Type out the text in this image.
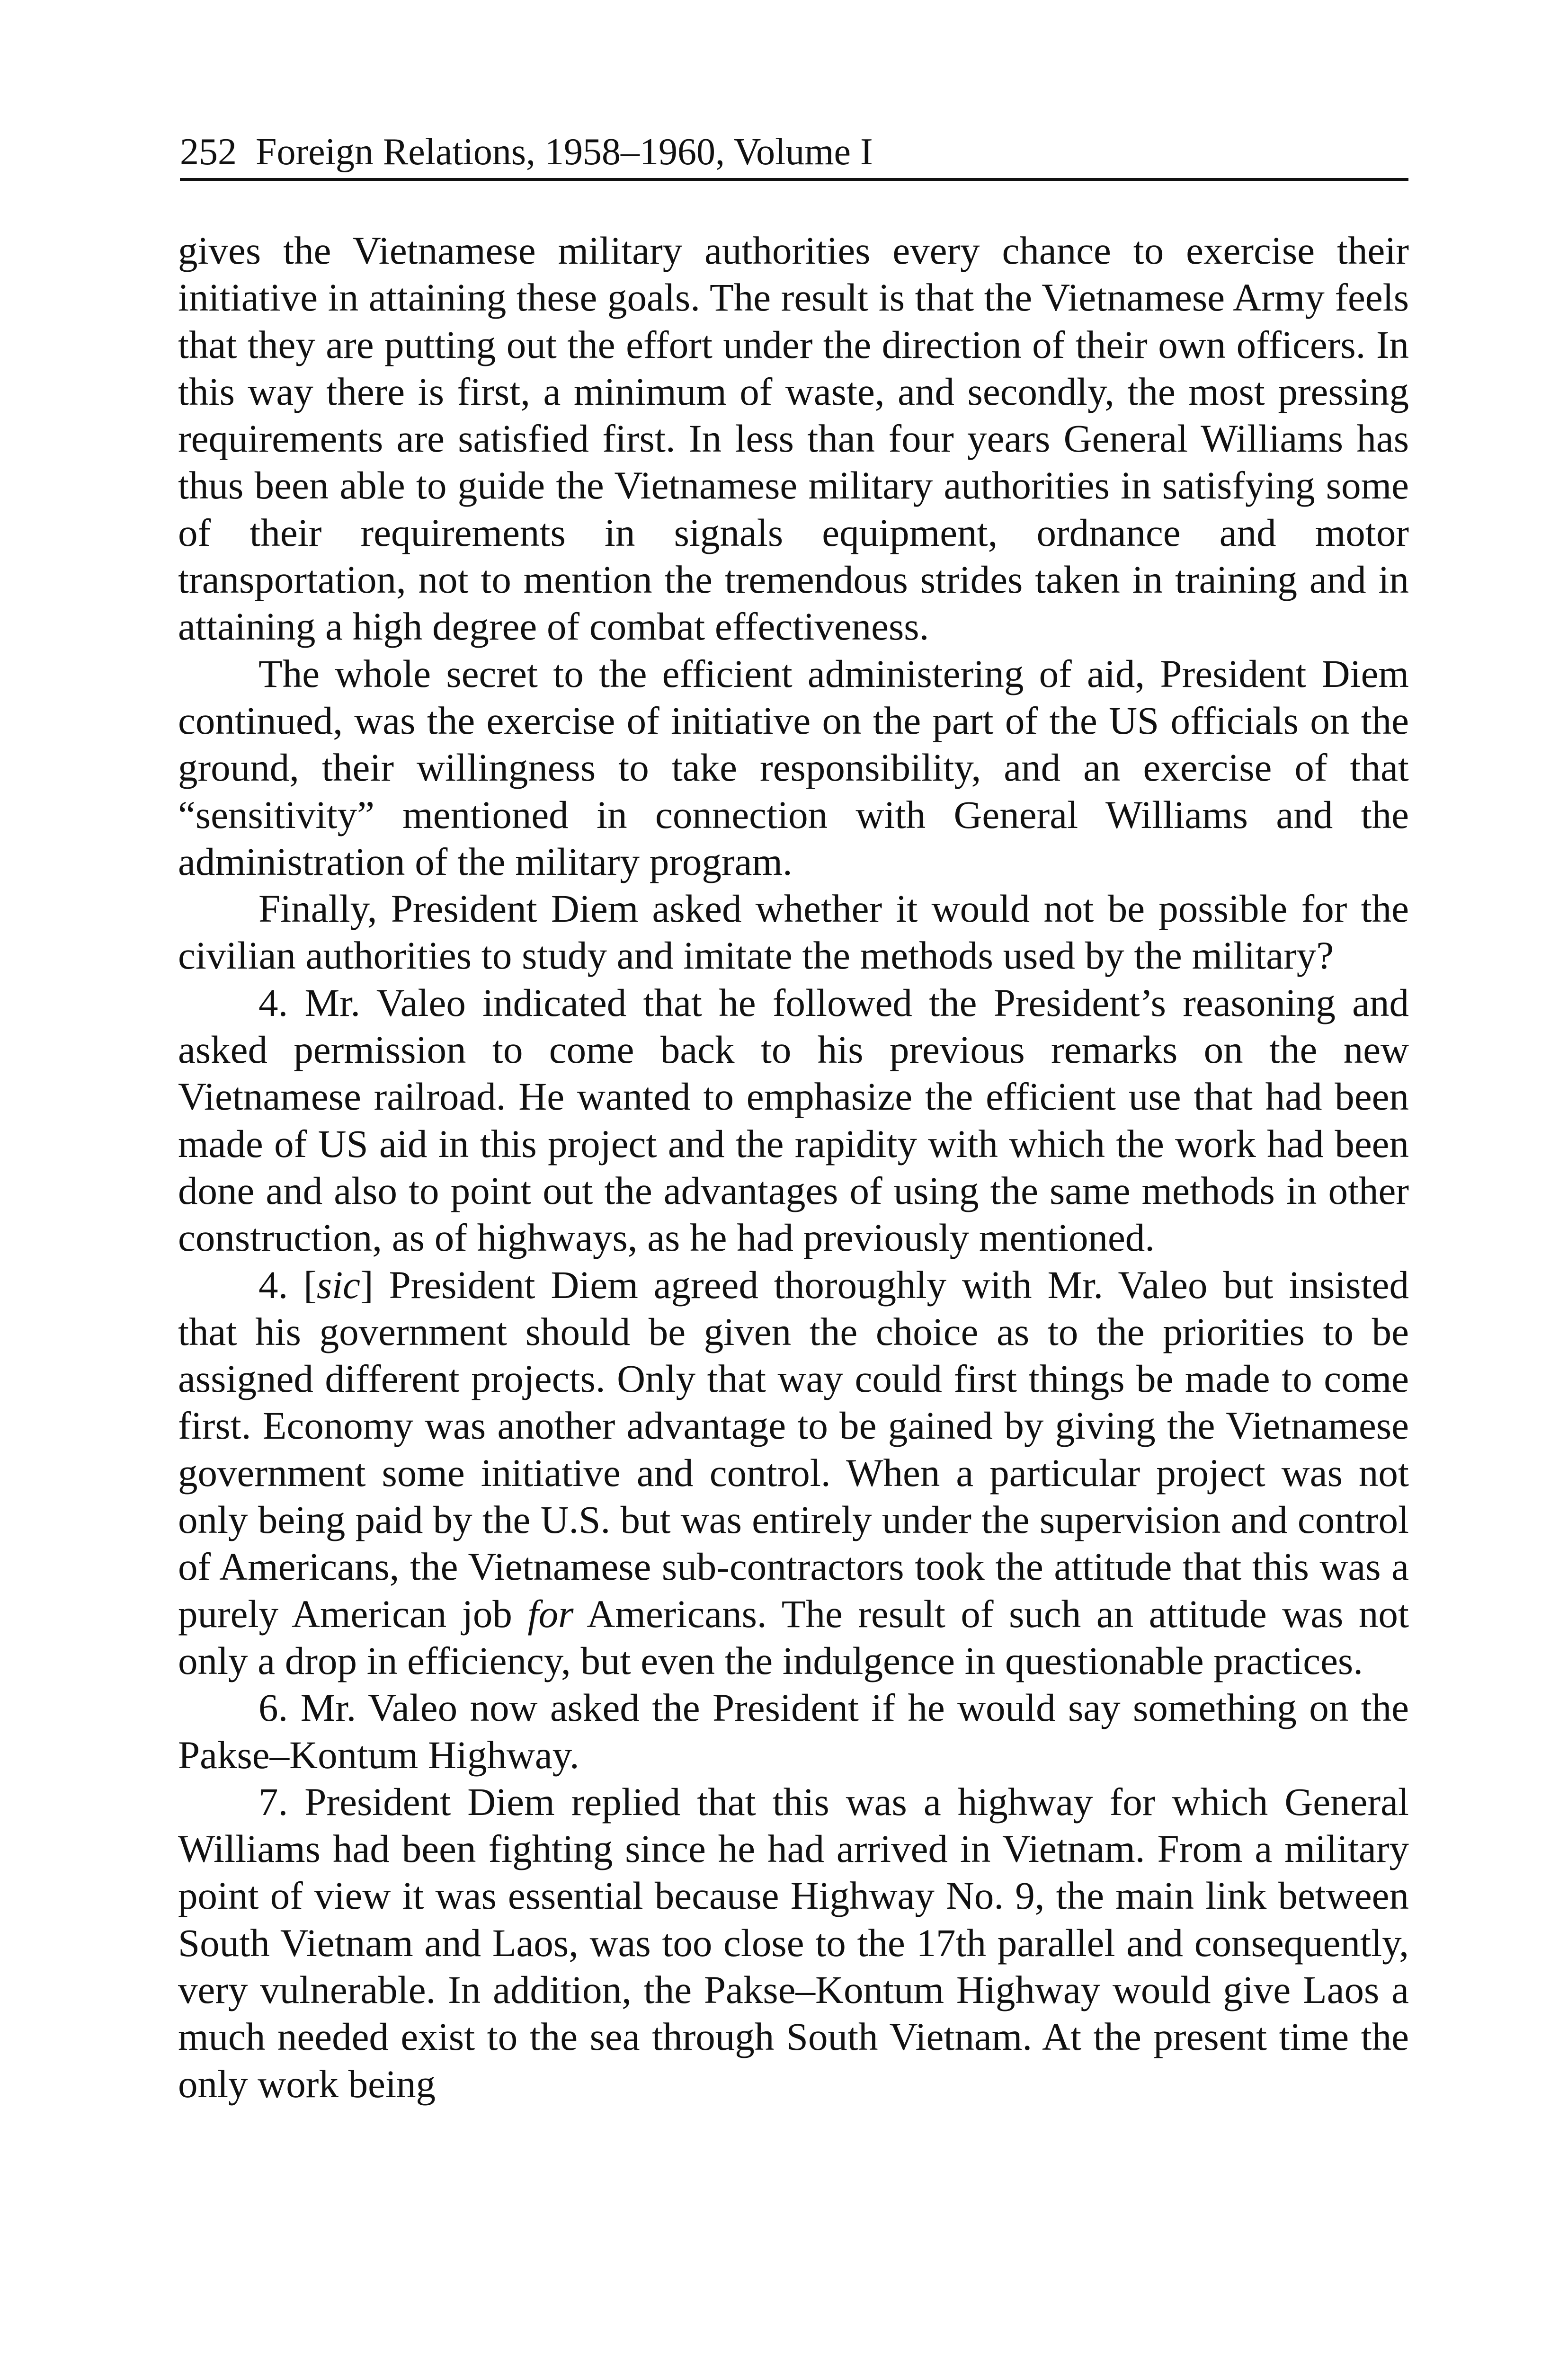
252 Foreign Relations, 1958–1960, Volume I

gives the Vietnamese military authorities every chance to exercise their initiative in attaining these goals. The result is that the Vietnamese Army feels that they are putting out the effort under the direction of their own officers. In this way there is first, a minimum of waste, and secondly, the most pressing requirements are satisfied first. In less than four years General Williams has thus been able to guide the Vietnamese military authorities in satisfying some of their requirements in signals equipment, ordnance and motor transportation, not to mention the tremendous strides taken in training and in attaining a high degree of combat effectiveness.

The whole secret to the efficient administering of aid, President Diem continued, was the exercise of initiative on the part of the US officials on the ground, their willingness to take responsibility, and an exercise of that “sensitivity” mentioned in connection with General Williams and the administration of the military program.

Finally, President Diem asked whether it would not be possible for the civilian authorities to study and imitate the methods used by the military?

4. Mr. Valeo indicated that he followed the President’s reasoning and asked permission to come back to his previous remarks on the new Vietnamese railroad. He wanted to emphasize the efficient use that had been made of US aid in this project and the rapidity with which the work had been done and also to point out the advantages of using the same methods in other construction, as of highways, as he had previously mentioned.

4. [sic] President Diem agreed thoroughly with Mr. Valeo but insisted that his government should be given the choice as to the priorities to be assigned different projects. Only that way could first things be made to come first. Economy was another advantage to be gained by giving the Vietnamese government some initiative and control. When a particular project was not only being paid by the U.S. but was entirely under the supervision and control of Americans, the Vietnamese sub-contractors took the attitude that this was a purely American job for Americans. The result of such an attitude was not only a drop in efficiency, but even the indulgence in questionable practices.

6. Mr. Valeo now asked the President if he would say something on the Pakse–Kontum Highway.

7. President Diem replied that this was a highway for which General Williams had been fighting since he had arrived in Vietnam. From a military point of view it was essential because Highway No. 9, the main link between South Vietnam and Laos, was too close to the 17th parallel and consequently, very vulnerable. In addition, the Pakse–Kontum Highway would give Laos a much needed exist to the sea through South Vietnam. At the present time the only work being
